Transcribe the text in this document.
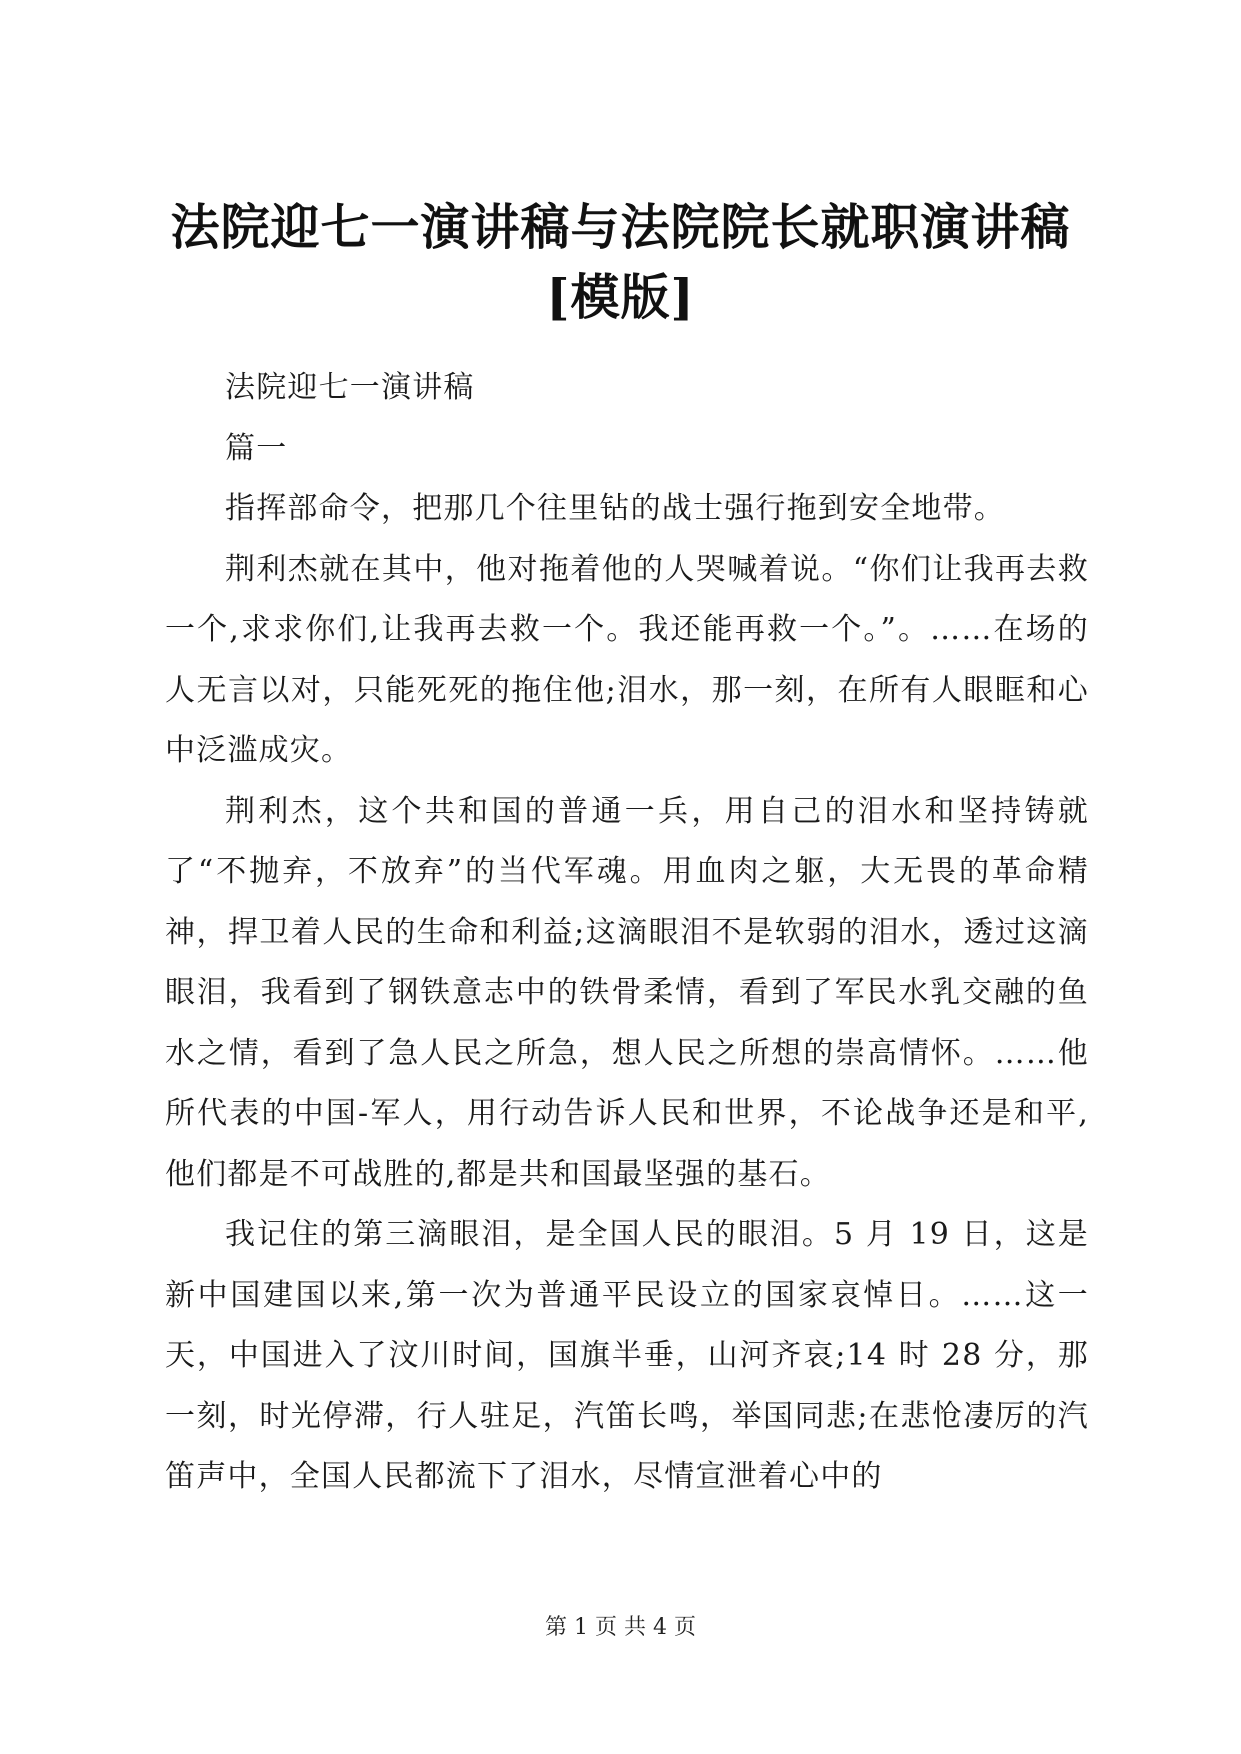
法院迎七一演讲稿与法院院长就职演讲稿[模版]

法院迎七一演讲稿

篇一

指挥部命令，把那几个往里钻的战士强行拖到安全地带。

荆利杰就在其中，他对拖着他的人哭喊着说。“你们让我再去救一个,求求你们,让我再去救一个。我还能再救一个。”。……在场的人无言以对，只能死死的拖住他;泪水，那一刻，在所有人眼眶和心中泛滥成灾。

荆利杰，这个共和国的普通一兵，用自己的泪水和坚持铸就了“不抛弃，不放弃”的当代军魂。用血肉之躯，大无畏的革命精神，捍卫着人民的生命和利益;这滴眼泪不是软弱的泪水，透过这滴眼泪，我看到了钢铁意志中的铁骨柔情，看到了军民水乳交融的鱼水之情，看到了急人民之所急，想人民之所想的崇高情怀。……他所代表的中国-军人，用行动告诉人民和世界，不论战争还是和平,他们都是不可战胜的,都是共和国最坚强的基石。

我记住的第三滴眼泪，是全国人民的眼泪。5 月 19 日，这是新中国建国以来,第一次为普通平民设立的国家哀悼日。……这一天，中国进入了汶川时间，国旗半垂，山河齐哀;14 时 28 分，那一刻，时光停滞，行人驻足，汽笛长鸣，举国同悲;在悲怆凄厉的汽笛声中，全国人民都流下了泪水，尽情宣泄着心中的

第 1 页 共 4 页
